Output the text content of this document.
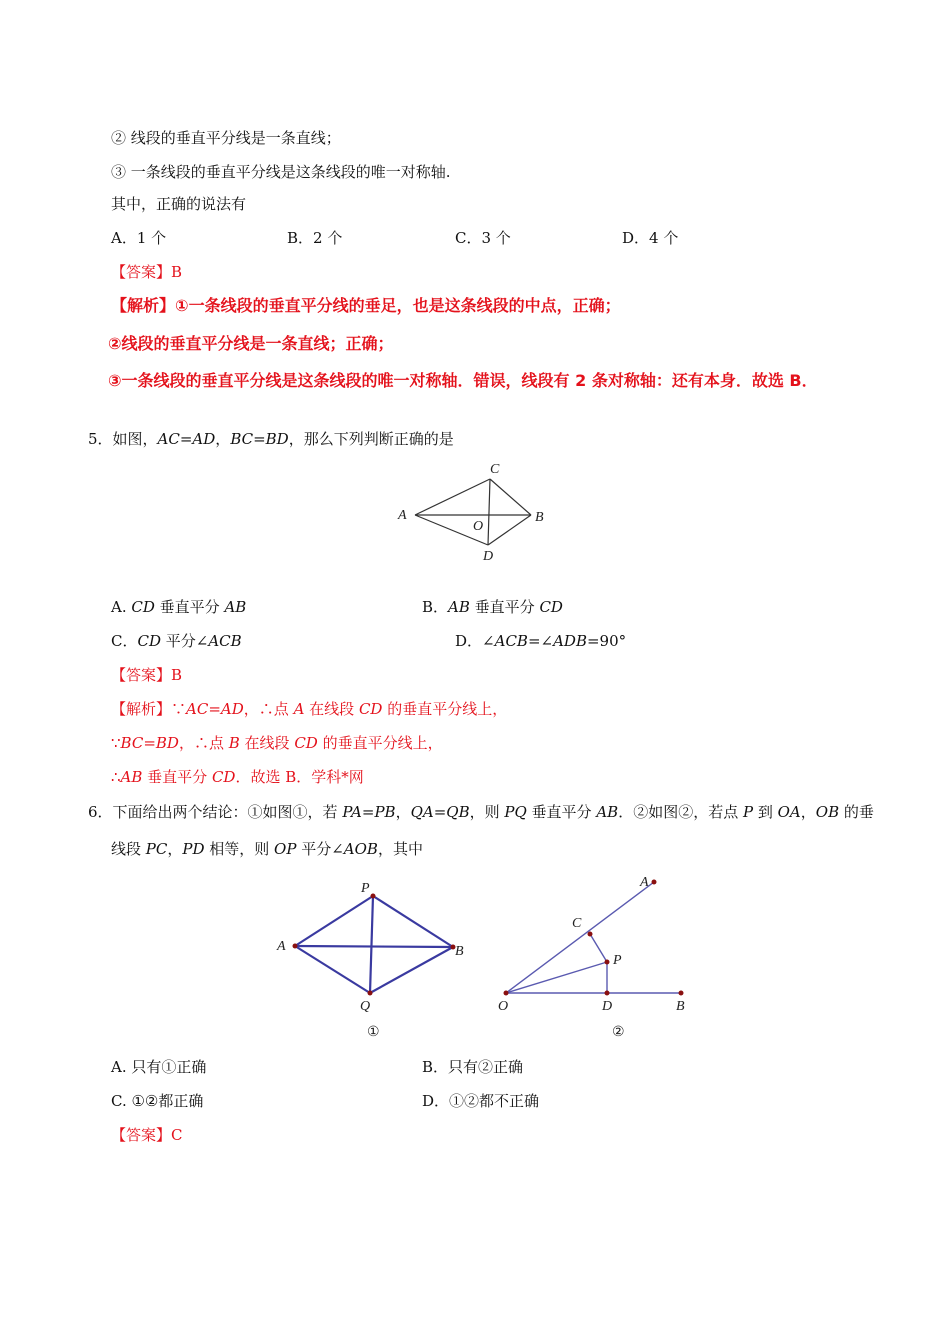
② 线段的垂直平分线是一条直线；
③ 一条线段的垂直平分线是这条线段的唯一对称轴.
其中，正确的说法有
A．1 个	B．2 个	C．3 个	D．4 个
【答案】B
【解析】①一条线段的垂直平分线的垂足，也是这条线段的中点，正确；
②线段的垂直平分线是一条直线；正确；
③一条线段的垂直平分线是这条线段的唯一对称轴．错误，线段有 2 条对称轴：还有本身．故选 B．
5．如图，AC=AD，BC=BD，那么下列判断正确的是
C
A	B
O
D
A. CD 垂直平分 AB	B．AB 垂直平分 CD
C．CD 平分∠ACB	D．∠ACB=∠ADB=90°
【答案】B
【解析】∵AC=AD，∴点 A 在线段 CD 的垂直平分线上，
∵BC=BD，∴点 B 在线段 CD 的垂直平分线上，
∴AB 垂直平分 CD．故选 B．学科*网
6．下面给出两个结论：①如图①，若 PA=PB，QA=QB，则 PQ 垂直平分 AB．②如图②，若点 P 到 OA，OB 的垂
线段 PC，PD 相等，则 OP 平分∠AOB，其中
P
A	B
Q
①
A
C
P
O	D	B
②
A. 只有①正确	B．只有②正确
C. ①②都正确	D．①②都不正确
【答案】C
